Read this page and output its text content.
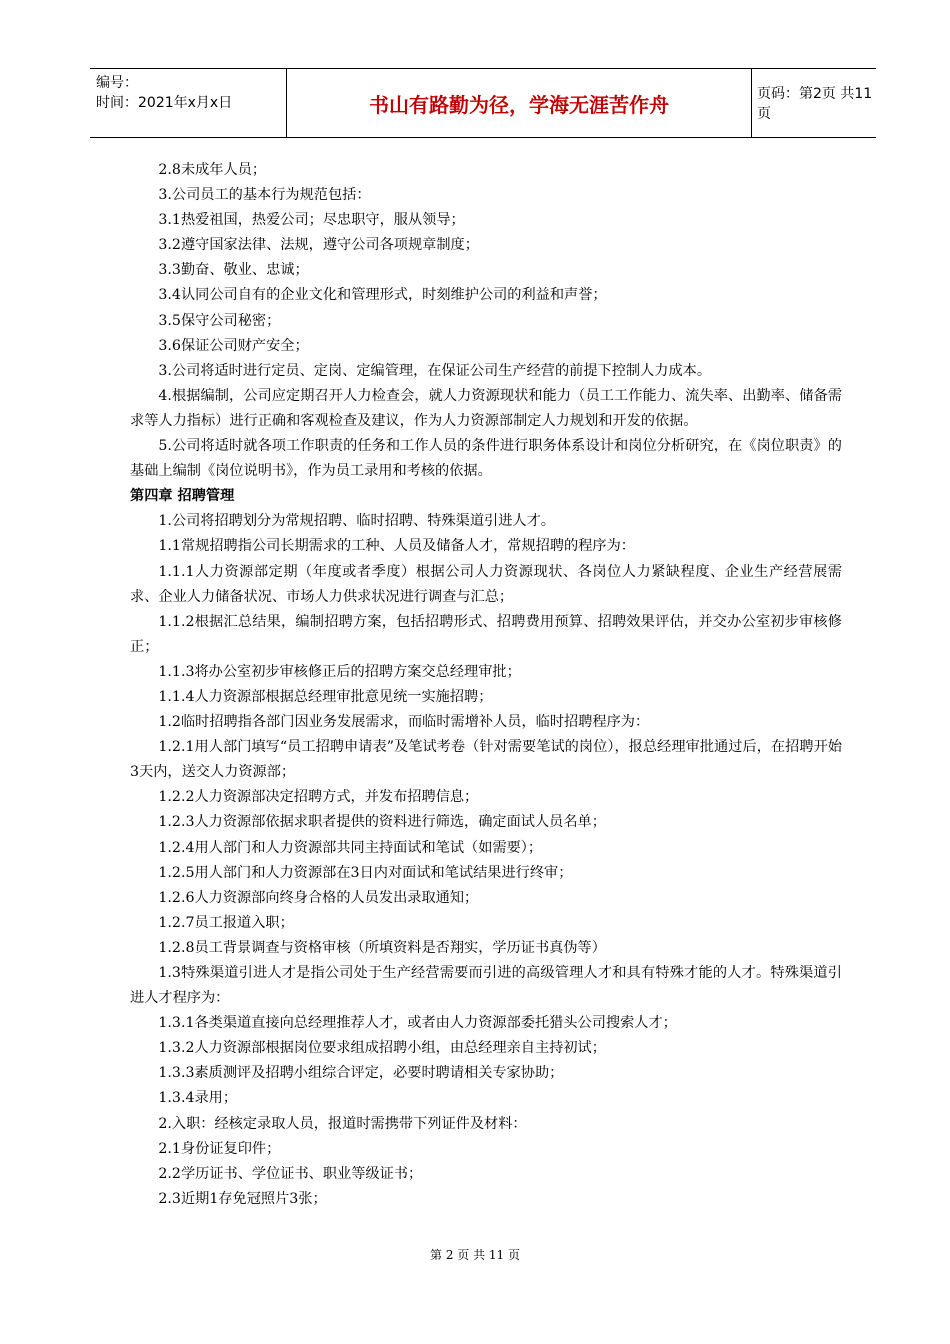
编号：
时间：2021年x月x日	书山有路勤为径，学海无涯苦作舟	页码：第2页 共11页

2.8未成年人员；

3.公司员工的基本行为规范包括：

3.1热爱祖国，热爱公司；尽忠职守，服从领导；

3.2遵守国家法律、法规，遵守公司各项规章制度；

3.3勤奋、敬业、忠诚；

3.4认同公司自有的企业文化和管理形式，时刻维护公司的利益和声誉；

3.5保守公司秘密；

3.6保证公司财产安全；

3.公司将适时进行定员、定岗、定编管理，在保证公司生产经营的前提下控制人力成本。

4.根据编制，公司应定期召开人力检查会，就人力资源现状和能力（员工工作能力、流失率、出勤率、储备需求等人力指标）进行正确和客观检查及建议，作为人力资源部制定人力规划和开发的依据。

5.公司将适时就各项工作职责的任务和工作人员的条件进行职务体系设计和岗位分析研究，在《岗位职责》的基础上编制《岗位说明书》，作为员工录用和考核的依据。

第四章 招聘管理

1.公司将招聘划分为常规招聘、临时招聘、特殊渠道引进人才。

1.1常规招聘指公司长期需求的工种、人员及储备人才，常规招聘的程序为：

1.1.1人力资源部定期（年度或者季度）根据公司人力资源现状、各岗位人力紧缺程度、企业生产经营展需求、企业人力储备状况、市场人力供求状况进行调查与汇总；

1.1.2根据汇总结果，编制招聘方案，包括招聘形式、招聘费用预算、招聘效果评估，并交办公室初步审核修正；

1.1.3将办公室初步审核修正后的招聘方案交总经理审批；

1.1.4人力资源部根据总经理审批意见统一实施招聘；

1.2临时招聘指各部门因业务发展需求，而临时需增补人员，临时招聘程序为：

1.2.1用人部门填写“员工招聘申请表”及笔试考卷（针对需要笔试的岗位），报总经理审批通过后，在招聘开始3天内，送交人力资源部；

1.2.2人力资源部决定招聘方式，并发布招聘信息；

1.2.3人力资源部依据求职者提供的资料进行筛选，确定面试人员名单；

1.2.4用人部门和人力资源部共同主持面试和笔试（如需要）；

1.2.5用人部门和人力资源部在3日内对面试和笔试结果进行终审；

1.2.6人力资源部向终身合格的人员发出录取通知；

1.2.7员工报道入职；

1.2.8员工背景调查与资格审核（所填资料是否翔实，学历证书真伪等）

1.3特殊渠道引进人才是指公司处于生产经营需要而引进的高级管理人才和具有特殊才能的人才。特殊渠道引进人才程序为：

1.3.1各类渠道直接向总经理推荐人才，或者由人力资源部委托猎头公司搜索人才；

1.3.2人力资源部根据岗位要求组成招聘小组，由总经理亲自主持初试；

1.3.3素质测评及招聘小组综合评定，必要时聘请相关专家协助；

1.3.4录用；

2.入职：经核定录取人员，报道时需携带下列证件及材料：

2.1身份证复印件；

2.2学历证书、学位证书、职业等级证书；

2.3近期1存免冠照片3张；

第 2 页 共 11 页
